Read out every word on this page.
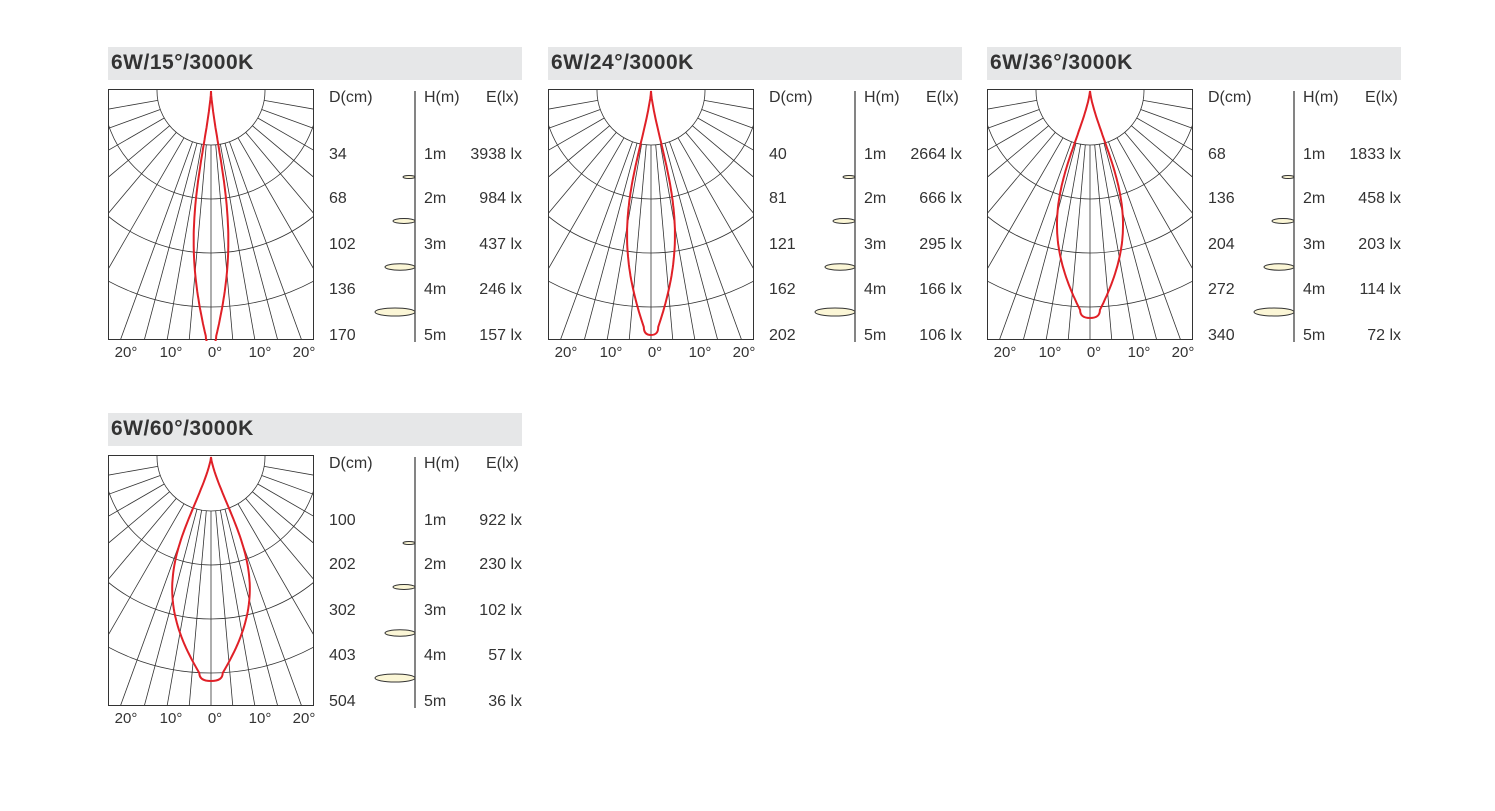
6W/15°/3000K
20° 10° 0° 10° 20°
D(cm)	H(m) E(lx)
34	1m	3938 lx
68	2m	984 lx
102	3m	437 lx
136	4m	246 lx
170	5m	157 lx
6W/24°/3000K
20° 10° 0° 10° 20°
D(cm)	H(m) E(lx)
40	1m	2664 lx
81	2m	666 lx
121	3m	295 lx
162	4m	166 lx
202	5m	106 lx
6W/36°/3000K
20° 10° 0° 10° 20°
D(cm)	H(m) E(lx)
68	1m	1833 lx
136	2m	458 lx
204	3m	203 lx
272	4m	114 lx
340	5m	72 lx
6W/60°/3000K
20° 10° 0° 10° 20°
D(cm)	H(m) E(lx)
100	1m	922 lx
202	2m	230 lx
302	3m	102 lx
403	4m	57 lx
504	5m	36 lx
